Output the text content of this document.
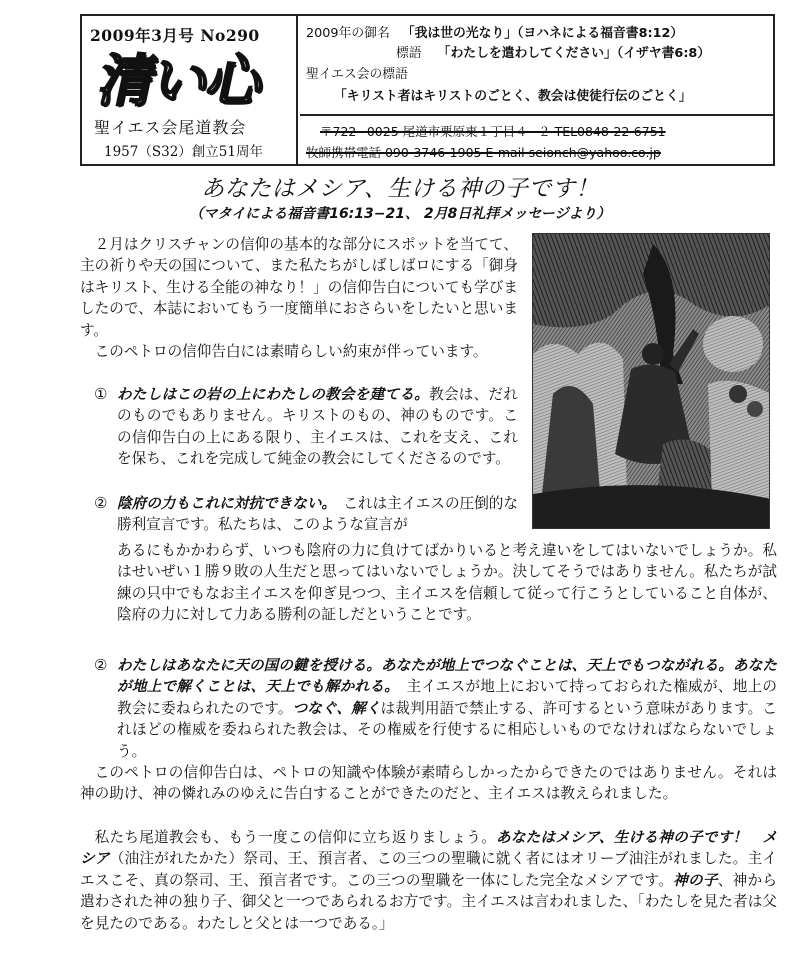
2009年3月号 No290
清い心
聖イエス会尾道教会
1957（S32）創立51周年
2009年の御名 「我は世の光なり」（ヨハネによる福音書8:12）
標語 「わたしを遣わしてください」（イザヤ書6:8）
聖イエス会の標語
「キリスト者はキリストのごとく、教会は使徒行伝のごとく」
〒722−0025 尾道市栗原東１丁目４−２ TEL0848-22-6751
牧師携帯電話 090-3746-1905 E-mail seionch@yahoo.co.jp
あなたはメシア、生ける神の子です！
（マタイによる福音書16:13−21、 2月8日礼拝メッセージより）
２月はクリスチャンの信仰の基本的な部分にスポットを当てて、主の祈りや天の国について、また私たちがしばしばロにする「御身はキリスト、生ける全能の神なり！」の信仰告白についても学びましたので、本誌においてもう一度簡単におさらいをしたいと思います。
このペトロの信仰告白には素晴らしい約束が伴っています。
① わたしはこの岩の上にわたしの教会を建てる。教会は、だれのものでもありません。キリストのもの、神のものです。この信仰告白の上にある限り、主イエスは、これを支え、これを保ち、これを完成して純金の教会にしてくださるのです。
② 陰府の力もこれに対抗できない。　 これは主イエスの圧倒的な勝利宣言です。私たちは、このような宣言が
あるにもかかわらず、いつも陰府の力に負けてばかりいると考え違いをしてはいないでしょうか。私はせいぜい１勝９敗の人生だと思ってはいないでしょうか。決してそうではありません。私たちが試練の只中でもなお主イエスを仰ぎ見つつ、主イエスを信頼して従って行こうとしていること自体が、陰府の力に対して力ある勝利の証しだということです。
② わたしはあなたに天の国の鍵を授ける。あなたが地上でつなぐことは、天上でもつながれる。あなたが地上で解くことは、天上でも解かれる。　 主イエスが地上において持っておられた権威が、地上の教会に委ねられたのです。つなぐ、解くは裁判用語で禁止する、許可するという意味があります。これほどの権威を委ねられた教会は、その権威を行使するに相応しいものでなければならないでしょう。
このペトロの信仰告白は、ペトロの知識や体験が素晴らしかったからできたのではありません。それは神の助け、神の憐れみのゆえに告白することができたのだと、主イエスは教えられました。
私たち尾道教会も、もう一度この信仰に立ち返りましょう。あなたはメシア、生ける神の子です！　 メシア（油注がれたかた）祭司、王、預言者、この三つの聖職に就く者にはオリーブ油注がれました。主イエスこそ、真の祭司、王、預言者です。この三つの聖職を一体にした完全なメシアです。神の子、神から遣わされた神の独り子、御父と一つであられるお方です。主イエスは言われました、「わたしを見た者は父を見たのである。わたしと父とは一つである。」
